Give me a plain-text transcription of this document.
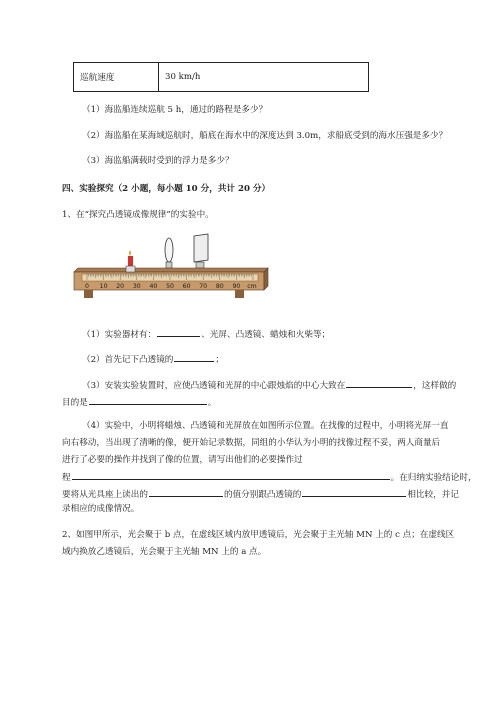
巡航速度	30 km/h
（1）海监船连续巡航 5 h，通过的路程是多少？
（2）海监船在某海域巡航时，船底在海水中的深度达到 3.0m，求船底受到的海水压强是多少？
（3）海监船满载时受到的浮力是多少？
四、实验探究（2 小题，每小题 10 分，共计 20 分）
1、在“探究凸透镜成像规律”的实验中。
0 10 20 30 40 50 60 70 80 90 cm
（1）实验器材有：	、光屏、凸透镜、蜡烛和火柴等；
（2）首先记下凸透镜的	；
（3）安装实验装置时，应使凸透镜和光屏的中心跟烛焰的中心大致在	，这样做的
目的是	。
（4）实验中，小明将蜡烛、凸透镜和光屏放在如图所示位置。在找像的过程中，小明将光屏一直
向右移动，当出现了清晰的像，便开始记录数据，同组的小华认为小明的找像过程不妥，两人商量后
进行了必要的操作并找到了像的位置，请写出他们的必要操作过
程	。在归纳实验结论时，
要将从光具座上读出的	的值分别跟凸透镜的	相比较，并记
录相应的成像情况。
2、如图甲所示，光会聚于 b 点，在虚线区域内放甲透镜后，光会聚于主光轴 MN 上的 c 点；在虚线区
域内换放乙透镜后，光会聚于主光轴 MN 上的 a 点。
